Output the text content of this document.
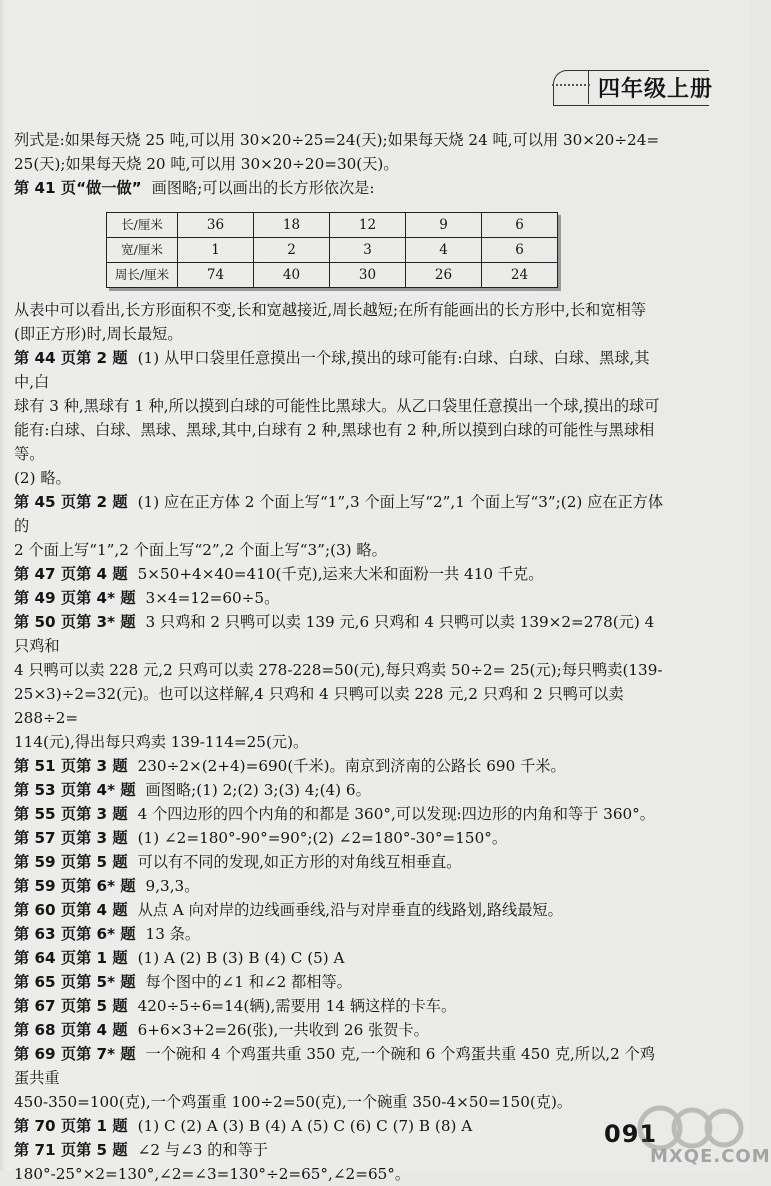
四年级上册

列式是:如果每天烧 25 吨,可以用 30×20÷25=24(天);如果每天烧 24 吨,可以用 30×20÷24=

25(天);如果每天烧 20 吨,可以用 30×20÷20=30(天)。

第 41 页“做一做” 画图略;可以画出的长方形依次是:

长/厘米	36	18	12	9	6
宽/厘米	1	2	3	4	6
周长/厘米	74	40	30	26	24

从表中可以看出,长方形面积不变,长和宽越接近,周长越短;在所有能画出的长方形中,长和宽相等

(即正方形)时,周长最短。

第 44 页第 2 题 (1) 从甲口袋里任意摸出一个球,摸出的球可能有:白球、白球、白球、黑球,其中,白

球有 3 种,黑球有 1 种,所以摸到白球的可能性比黑球大。从乙口袋里任意摸出一个球,摸出的球可

能有:白球、白球、黑球、黑球,其中,白球有 2 种,黑球也有 2 种,所以摸到白球的可能性与黑球相等。

(2) 略。

第 45 页第 2 题 (1) 应在正方体 2 个面上写“1”,3 个面上写“2”,1 个面上写“3”;(2) 应在正方体的

2 个面上写“1”,2 个面上写“2”,2 个面上写“3”;(3) 略。

第 47 页第 4 题 5×50+4×40=410(千克),运来大米和面粉一共 410 千克。

第 49 页第 4* 题 3×4=12=60÷5。

第 50 页第 3* 题 3 只鸡和 2 只鸭可以卖 139 元,6 只鸡和 4 只鸭可以卖 139×2=278(元) 4 只鸡和

4 只鸭可以卖 228 元,2 只鸡可以卖 278-228=50(元),每只鸡卖 50÷2= 25(元);每只鸭卖(139-

25×3)÷2=32(元)。也可以这样解,4 只鸡和 4 只鸭可以卖 228 元,2 只鸡和 2 只鸭可以卖 288÷2=

114(元),得出每只鸡卖 139-114=25(元)。

第 51 页第 3 题 230÷2×(2+4)=690(千米)。南京到济南的公路长 690 千米。

第 53 页第 4* 题 画图略;(1) 2;(2) 3;(3) 4;(4) 6。

第 55 页第 3 题 4 个四边形的四个内角的和都是 360°,可以发现:四边形的内角和等于 360°。

第 57 页第 3 题 (1) ∠2=180°-90°=90°;(2) ∠2=180°-30°=150°。

第 59 页第 5 题 可以有不同的发现,如正方形的对角线互相垂直。

第 59 页第 6* 题 9,3,3。

第 60 页第 4 题 从点 A 向对岸的边线画垂线,沿与对岸垂直的线路划,路线最短。

第 63 页第 6* 题 13 条。

第 64 页第 1 题 (1) A (2) B (3) B (4) C (5) A

第 65 页第 5* 题 每个图中的∠1 和∠2 都相等。

第 67 页第 5 题 420÷5÷6=14(辆),需要用 14 辆这样的卡车。

第 68 页第 4 题 6+6×3+2=26(张),一共收到 26 张贺卡。

第 69 页第 7* 题 一个碗和 4 个鸡蛋共重 350 克,一个碗和 6 个鸡蛋共重 450 克,所以,2 个鸡蛋共重

450-350=100(克),一个鸡蛋重 100÷2=50(克),一个碗重 350-4×50=150(克)。

第 70 页第 1 题 (1) C (2) A (3) B (4) A (5) C (6) C (7) B (8) A

第 71 页第 5 题 ∠2 与∠3 的和等于 180°-25°×2=130°,∠2=∠3=130°÷2=65°,∠2=65°。

091
MXQE.COM
